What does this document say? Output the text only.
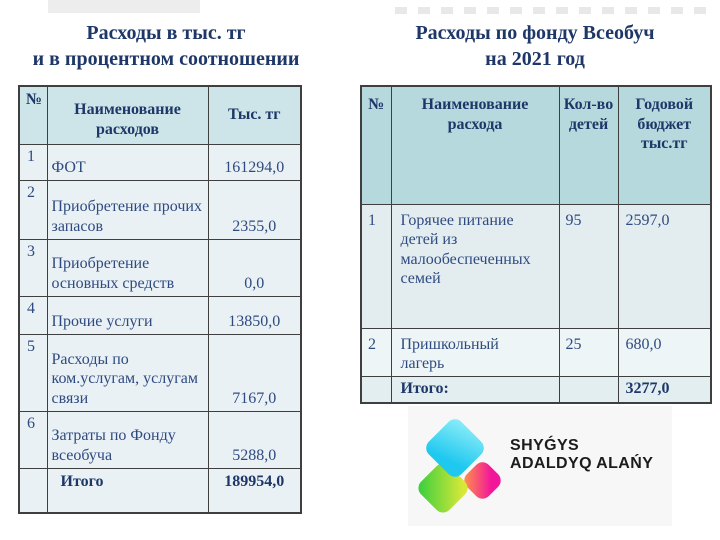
Расходы в тыс. тг
и в процентном соотношении
Расходы по фонду Всеобуч
на 2021 год
№	Наименование расходов	Тыс. тг
1	ФОТ	161294,0
2	Приобретение прочих запасов	2355,0
3	Приобретение основных средств	0,0
4	Прочие услуги	13850,0
5	Расходы по ком.услугам, услугам связи	7167,0
6	Затраты по Фонду всеобуча	5288,0
	Итого	189954,0
№	Наименование расхода	Кол-во детей	Годовой бюджет тыс.тг
1	Горячее питание детей из малообеспеченных семей	95	2597,0
2	Пришкольный лагерь	25	680,0
	Итого:		3277,0
SHYǴYS
ADALDYQ ALAŃY
